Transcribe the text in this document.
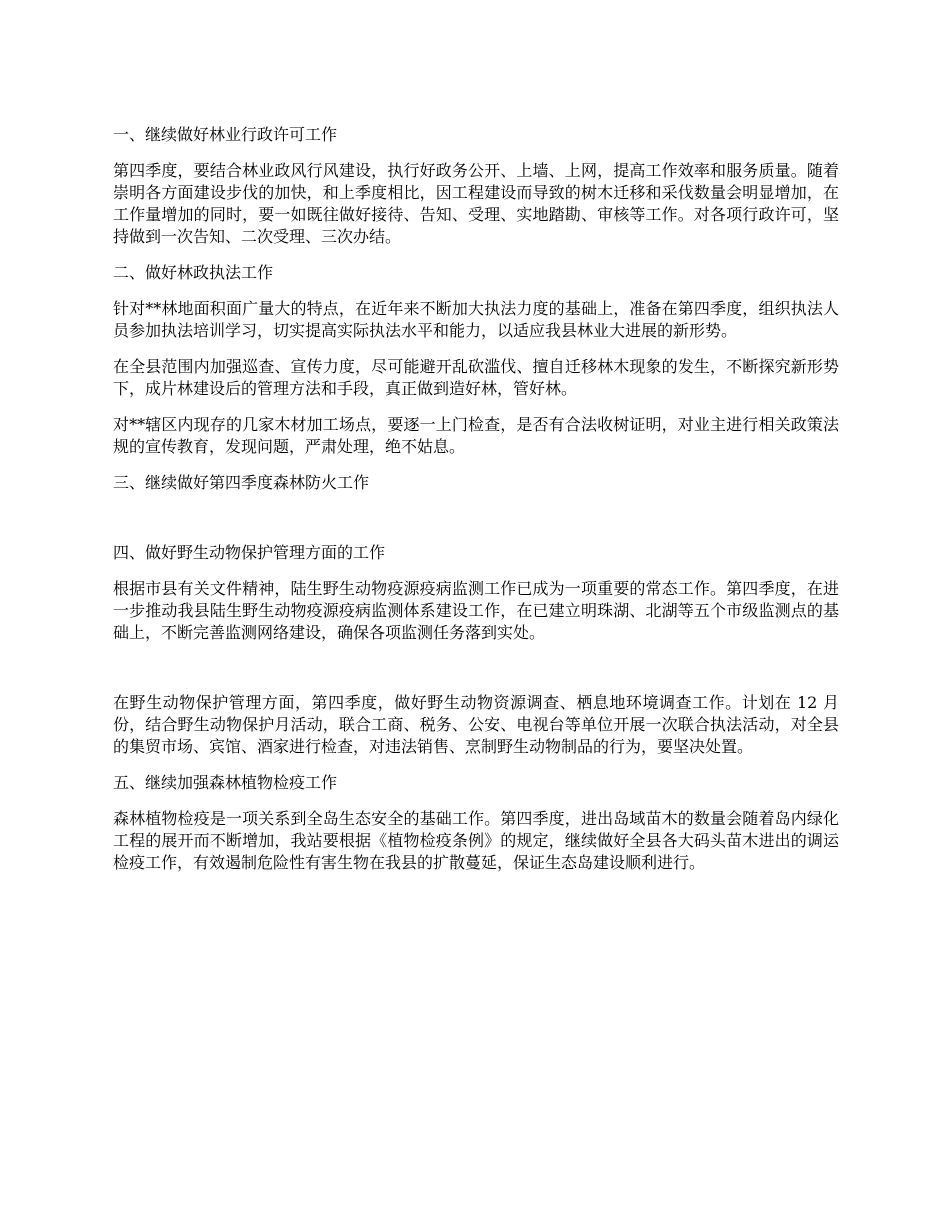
一、继续做好林业行政许可工作
第四季度，要结合林业政风行风建设，执行好政务公开、上墙、上网，提高工作效率和服务质量。随着崇明各方面建设步伐的加快，和上季度相比，因工程建设而导致的树木迁移和采伐数量会明显增加，在工作量增加的同时，要一如既往做好接待、告知、受理、实地踏勘、审核等工作。对各项行政许可，坚持做到一次告知、二次受理、三次办结。
二、做好林政执法工作
针对**林地面积面广量大的特点，在近年来不断加大执法力度的基础上，准备在第四季度，组织执法人员参加执法培训学习，切实提高实际执法水平和能力，以适应我县林业大进展的新形势。
在全县范围内加强巡查、宣传力度，尽可能避开乱砍滥伐、擅自迁移林木现象的发生，不断探究新形势下，成片林建设后的管理方法和手段，真正做到造好林，管好林。
对**辖区内现存的几家木材加工场点，要逐一上门检查，是否有合法收树证明，对业主进行相关政策法规的宣传教育，发现问题，严肃处理，绝不姑息。
三、继续做好第四季度森林防火工作
四、做好野生动物保护管理方面的工作
根据市县有关文件精神，陆生野生动物疫源疫病监测工作已成为一项重要的常态工作。第四季度，在进一步推动我县陆生野生动物疫源疫病监测体系建设工作，在已建立明珠湖、北湖等五个市级监测点的基础上，不断完善监测网络建设，确保各项监测任务落到实处。
在野生动物保护管理方面，第四季度，做好野生动物资源调查、栖息地环境调查工作。计划在 12 月份，结合野生动物保护月活动，联合工商、税务、公安、电视台等单位开展一次联合执法活动，对全县的集贸市场、宾馆、酒家进行检查，对违法销售、烹制野生动物制品的行为，要坚决处置。
五、继续加强森林植物检疫工作
森林植物检疫是一项关系到全岛生态安全的基础工作。第四季度，进出岛域苗木的数量会随着岛内绿化工程的展开而不断增加，我站要根据《植物检疫条例》的规定，继续做好全县各大码头苗木进出的调运检疫工作，有效遏制危险性有害生物在我县的扩散蔓延，保证生态岛建设顺利进行。
